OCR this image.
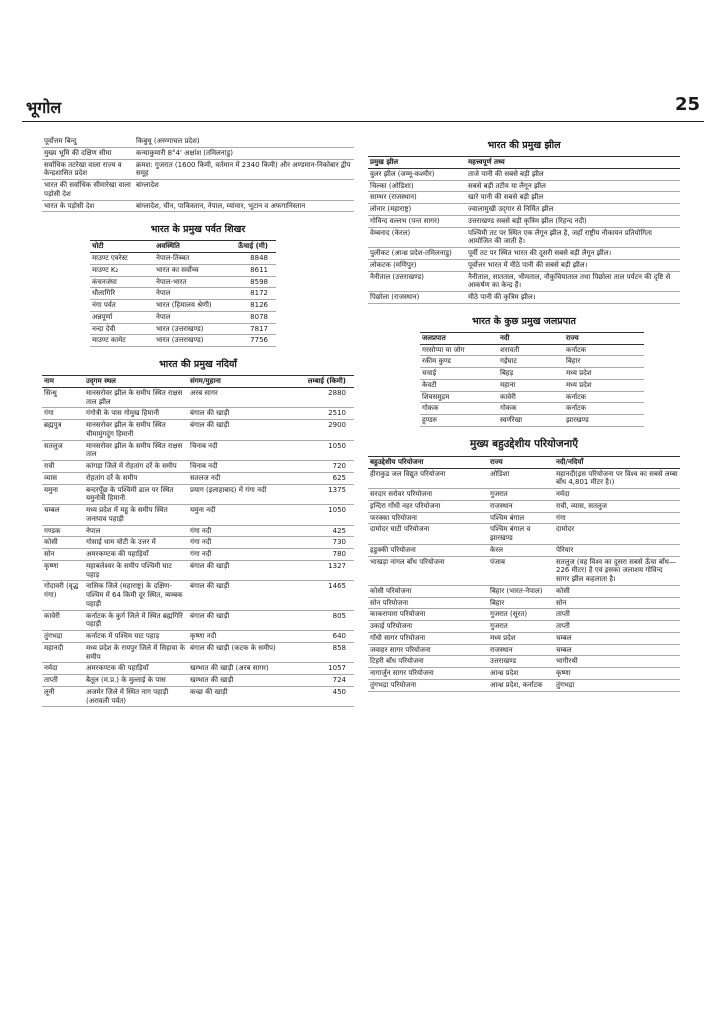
भूगोल	25
पूर्वोत्तम बिन्दु	किबुथू (अरुणाचल प्रदेश)
मुख्य भूमि की दक्षिण सीमा	कन्याकुमारी 8°4' अक्षांश (तमिलनाडु)
सर्वाधिक तटरेखा वाला राज्य व केन्द्रशासित प्रदेश	क्रमश: गुजरात (1600 किमी, वर्तमान में 2340 किमी) और अण्डमान-निकोबार द्वीप समूह
भारत की सर्वाधिक सीमारेखा वाला पड़ोसी देश	बांग्लादेश
भारत के पड़ोसी देश	बांग्लादेश, चीन, पाकिस्तान, नेपाल, म्यांमार, भूटान व अफगानिस्तान
भारत के प्रमुख पर्वत शिखर
चोटी	अवस्थिति	ऊँचाई (मी)
माउण्ट एवरेस्ट	नेपाल-तिब्बत	8848
माउण्ट K₂	भारत का सर्वोच्च	8611
कंचनजंघा	नेपाल-भारत	8598
धौलागिरि	नेपाल	8172
नंगा पर्वत	भारत (हिमालय श्रेणी)	8126
अन्नपूर्णा	नेपाल	8078
नन्दा देवी	भारत (उत्तराखण्ड)	7817
माउण्ट कामेट	भारत (उत्तराखण्ड)	7756
भारत की प्रमुख नदियाँ
नाम	उद्‌गम स्थल	संगम/मुहाना	लम्बाई (किमी)
सिन्धु	मानसरोवर झील के समीप स्थित राक्षस ताल झील	अरब सागर	2880
गंगा	गंगोत्री के पास गोमुख हिमानी	बंगाल की खाड़ी	2510
ब्रह्मपुत्र	मानसरोवर झील के समीप स्थित चीमायुंगदुंग हिमानी	बंगाल की खाड़ी	2900
सतलुज	मानसरोवर झील के समीप स्थित राक्षस ताल	चिनाब नदी	1050
रावी	कांगड़ा जिले में रोहतांग दर्रे के समीप	चिनाब नदी	720
व्यास	रोहतांग दर्रे के समीप	सतलज नदी	625
यमुना	बन्दरपूँछ के पश्चिमी ढाल पर स्थित यमुनोत्री हिमानी	प्रयाग (इलाहाबाद) में गंगा नदी	1375
चम्बल	मध्य प्रदेश में महू के समीप स्थित जनापाव पहाड़ी	यमुना नदी	1050
गण्डक	नेपाल	गंगा नदी	425
कोसी	गोसाई धाम चोटी के उत्तर में	गंगा नदी	730
सोन	अमरकण्टक की पहाड़ियाँ	गंगा नदी	780
कृष्णा	महाबलेश्वर के समीप पश्चिमी घाट पहाड़	बंगाल की खाड़ी	1327
गोदावरी (वृद्ध गंगा)	नासिक जिले (महाराष्ट्र) के दक्षिण-पश्चिम में 64 किमी दूर स्थित, त्र्यम्बक पहाड़ी	बंगाल की खाड़ी	1465
कावेरी	कर्नाटक के कुर्ग जिले में स्थित ब्रह्मगिरि पहाड़ी	बंगाल की खाड़ी	805
तुंगभद्रा	कर्नाटक में पश्चिम घाट पहाड़	कृष्णा नदी	640
महानदी	मध्य प्रदेश के रायपुर जिले में सिहावा के समीप	बंगाल की खाड़ी (कटक के समीप)	858
नर्मदा	अमरकण्टक की पहाड़ियाँ	खम्भात की खाड़ी (अरब सागर)	1057
ताप्ती	बैतूल (म.प्र.) के मुल्ताई के पास	खम्भात की खाड़ी	724
लूनी	अजमेर जिले में स्थित नाग पहाड़ी (अरावली पर्वत)	कच्छ की खाड़ी	450
भारत की प्रमुख झील
प्रमुख झील	महत्त्वपूर्ण तथ्य
वुलर झील (जम्मू-कश्मीर)	ताजे पानी की सबसे बड़ी झील
चिल्का (ओडिशा)	सबसे बड़ी तटीय या लैगून झील
साम्भर (राजस्थान)	खारे पानी की सबसे बड़ी झील
लोनार (महाराष्ट्र)	ज्वालामुखी उद्‌गार से निर्मित झील
गोविन्द वल्लभ (पन्त सागर)	उत्तराखण्ड सबसे बड़ी कृत्रिम झील (रिहन्द नदी)
वेम्बनाद (केरल)	पश्चिमी तट पर स्थित एक लैगून झील है, जहाँ राष्ट्रीय नौकायन प्रतियोगिता आयोजित की जाती है।
पुलीकट (आन्ध्र प्रदेश-तमिलनाडु)	पूर्वी तट पर स्थित भारत की दूसरी सबसे बड़ी लैगून झील।
लोकटक (मणिपुर)	पूर्वोत्तर भारत में मीठे पानी की सबसे बड़ी झील।
नैनीताल (उत्तराखण्ड)	नैनीताल, सातताल, भीमताल, नौकुचियाताल तथा पिछोला ताल पर्यटन की दृष्टि से आकर्षण का केन्द्र हैं।
पिछोला (राजस्थान)	मीठे पानी की कृत्रिम झील।
भारत के कुछ प्रमुख जलप्रपात
जलप्रपात	नदी	राज्य
गरसोप्पा या जोग	शरावती	कर्नाटक
रकीम कुण्ड	गईघाट	बिहार
चचाई	बिहड़	मध्य प्रदेश
केवटी	महाना	मध्य प्रदेश
शिवसमुद्रम	कावेरी	कर्नाटक
गोकक	गोकक	कर्नाटक
हुण्डरु	स्वर्णरेखा	झारखण्ड
मुख्य बहुउद्देशीय परियोजनाएँ
बहुउद्देशीय परियोजना	राज्य	नदी/नदियाँ
हीराकुड जल विद्युत परियोजना	ओडिशा	महानदी(इस परियोजना पर विश्व का सबसे लम्बा बाँध 4,801 मीटर है।)
सरदार सरोवर परियोजना	गुजरात	नर्मदा
इन्दिरा गाँधी नहर परियोजना	राजस्थान	रावी, व्यास, सतलुज
फरक्का परियोजना	पश्चिम बंगाल	गंगा
दामोदर घाटी परियोजना	पश्चिम बंगाल व झारखण्ड	दामोदर
इडुक्की परियोजना	केरल	पेरियार
भाखड़ा नांगल बाँध परियोजना	पंजाब	सतलुज (यह विश्व का दूसरा सबसे ऊँचा बाँध—226 मीटर) है एवं इसका जलाशय गोविन्द सागर झील कहलाता है।
कोसी परियोजना	बिहार (भारत-नेपाल)	कोसी
सोन परियोजना	बिहार	सोन
काकरापारा परियोजना	गुजरात (सूरत)	ताप्ती
उकाई परियोजना	गुजरात	ताप्ती
गाँधी सागर परियोजना	मध्य प्रदेश	चम्बल
जवाहर सागर परियोजना	राजस्थान	चम्बल
टिहरी बाँध परियोजना	उत्तराखण्ड	भागीरथी
नागार्जुन सागर परियोजना	आन्ध्र प्रदेश	कृष्णा
तुंगभद्रा परियोजना	आन्ध्र प्रदेश, कर्नाटक	तुंगभद्रा
